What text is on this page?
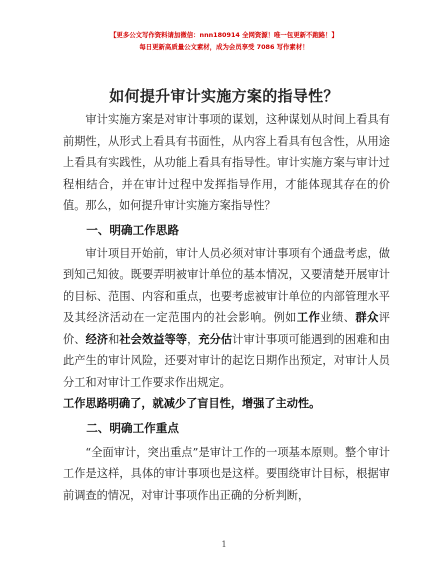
【更多公文写作资料请加微信：nnn180914 全网资源！唯一包更新不跑路！】
每日更新高质量公文素材，成为会员享受 7086 写作素材！
如何提升审计实施方案的指导性？

审计实施方案是对审计事项的谋划，这种谋划从时间上看具有前期性，从形式上看具有书面性，从内容上看具有包含性，从用途上看具有实践性，从功能上看具有指导性。审计实施方案与审计过程相结合，并在审计过程中发挥指导作用，才能体现其存在的价值。那么，如何提升审计实施方案指导性？

一、明确工作思路

审计项目开始前，审计人员必须对审计事项有个通盘考虑，做到知己知彼。既要弄明被审计单位的基本情况，又要清楚开展审计的目标、范围、内容和重点，也要考虑被审计单位的内部管理水平及其经济活动在一定范围内的社会影响。例如工作业绩、群众评价、经济和社会效益等等，充分估计审计事项可能遇到的困难和由此产生的审计风险，还要对审计的起讫日期作出预定，对审计人员分工和对审计工作要求作出规定。

工作思路明确了，就减少了盲目性，增强了主动性。

二、明确工作重点

“全面审计，突出重点”是审计工作的一项基本原则。整个审计工作是这样，具体的审计事项也是这样。要围绕审计目标，根据审前调查的情况，对审计事项作出正确的分析判断，

1
